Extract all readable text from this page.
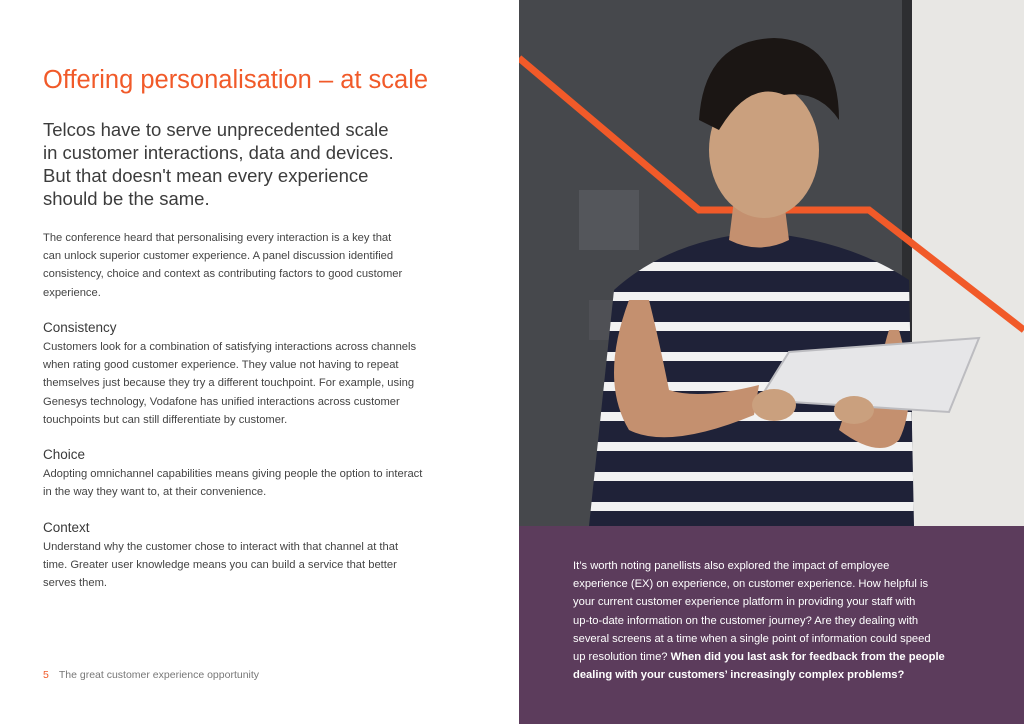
Offering personalisation – at scale
Telcos have to serve unprecedented scale
in customer interactions, data and devices.
But that doesn't mean every experience
should be the same.
The conference heard that personalising every interaction is a key that
can unlock superior customer experience. A panel discussion identified
consistency, choice and context as contributing factors to good customer
experience.
Consistency
Customers look for a combination of satisfying interactions across channels
when rating good customer experience. They value not having to repeat
themselves just because they try a different touchpoint. For example, using
Genesys technology, Vodafone has unified interactions across customer
touchpoints but can still differentiate by customer.
Choice
Adopting omnichannel capabilities means giving people the option to interact
in the way they want to, at their convenience.
Context
Understand why the customer chose to interact with that channel at that
time. Greater user knowledge means you can build a service that better
serves them.
5 The great customer experience opportunity
It’s worth noting panellists also explored the impact of employee
experience (EX) on experience, on customer experience. How helpful is
your current customer experience platform in providing your staff with
up-to-date information on the customer journey? Are they dealing with
several screens at a time when a single point of information could speed
up resolution time? When did you last ask for feedback from the people
dealing with your customers’ increasingly complex problems?
